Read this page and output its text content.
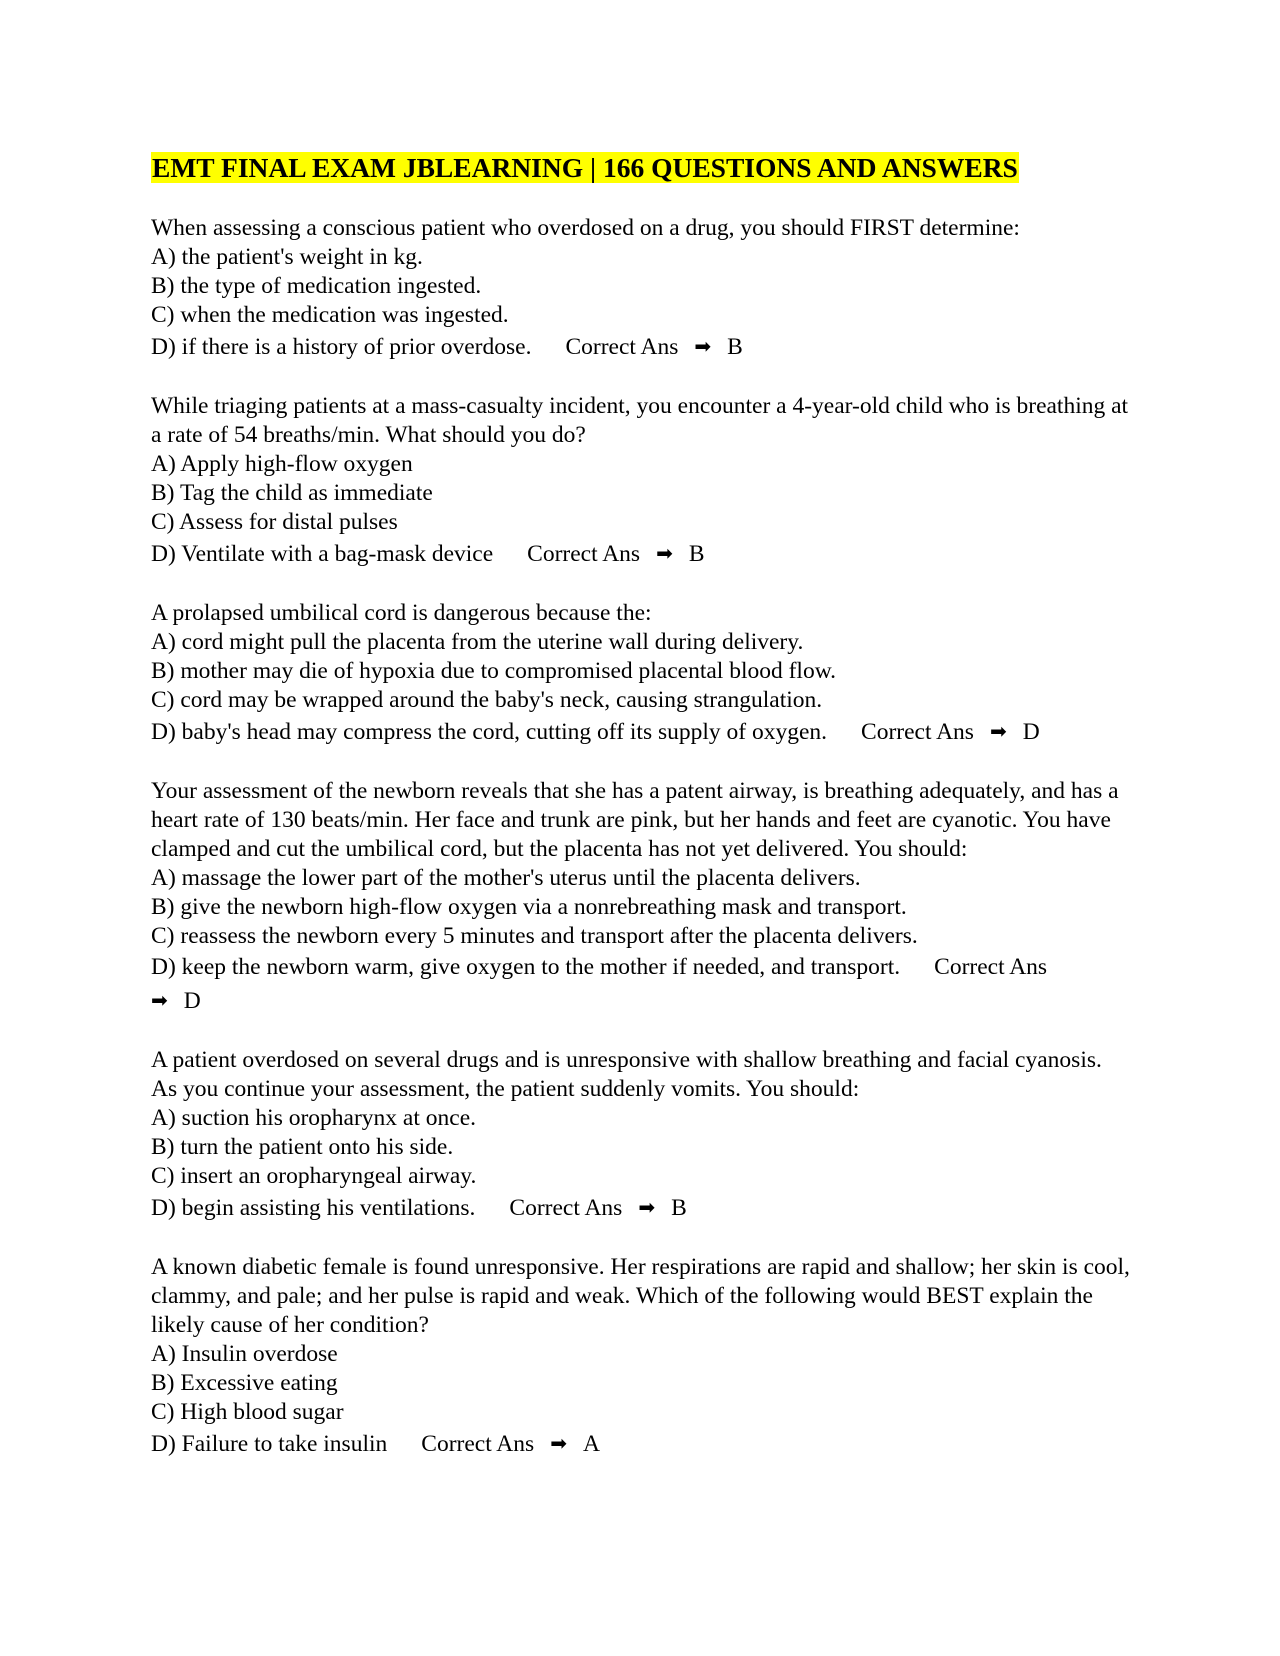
EMT FINAL EXAM JBLEARNING | 166 QUESTIONS AND ANSWERS

When assessing a conscious patient who overdosed on a drug, you should FIRST determine:

A) the patient's weight in kg.

B) the type of medication ingested.

C) when the medication was ingested.

D) if there is a history of prior overdose. Correct Ans ➡ B

While triaging patients at a mass-casualty incident, you encounter a 4-year-old child who is breathing at a rate of 54 breaths/min. What should you do?

A) Apply high-flow oxygen

B) Tag the child as immediate

C) Assess for distal pulses

D) Ventilate with a bag-mask device Correct Ans ➡ B

A prolapsed umbilical cord is dangerous because the:

A) cord might pull the placenta from the uterine wall during delivery.

B) mother may die of hypoxia due to compromised placental blood flow.

C) cord may be wrapped around the baby's neck, causing strangulation.

D) baby's head may compress the cord, cutting off its supply of oxygen. Correct Ans ➡ D

Your assessment of the newborn reveals that she has a patent airway, is breathing adequately, and has a heart rate of 130 beats/min. Her face and trunk are pink, but her hands and feet are cyanotic. You have clamped and cut the umbilical cord, but the placenta has not yet delivered. You should:

A) massage the lower part of the mother's uterus until the placenta delivers.

B) give the newborn high-flow oxygen via a nonrebreathing mask and transport.

C) reassess the newborn every 5 minutes and transport after the placenta delivers.

D) keep the newborn warm, give oxygen to the mother if needed, and transport. Correct Ans
➡ D

A patient overdosed on several drugs and is unresponsive with shallow breathing and facial cyanosis. As you continue your assessment, the patient suddenly vomits. You should:

A) suction his oropharynx at once.

B) turn the patient onto his side.

C) insert an oropharyngeal airway.

D) begin assisting his ventilations. Correct Ans ➡ B

A known diabetic female is found unresponsive. Her respirations are rapid and shallow; her skin is cool, clammy, and pale; and her pulse is rapid and weak. Which of the following would BEST explain the likely cause of her condition?

A) Insulin overdose

B) Excessive eating

C) High blood sugar

D) Failure to take insulin Correct Ans ➡ A
